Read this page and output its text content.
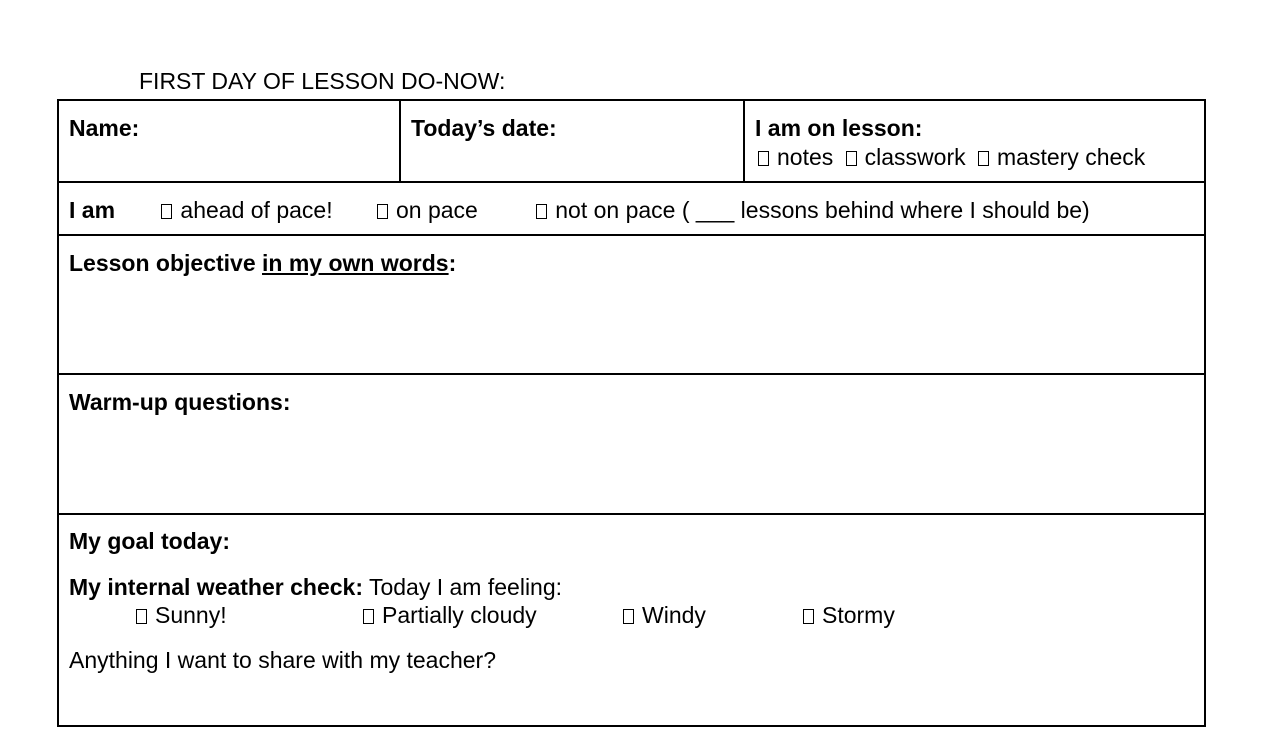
FIRST DAY OF LESSON DO-NOW:
Name:	Today’s date:	I am on lesson:
notes classwork mastery check

I am	ahead of pace!	on pace	not on pace ( ___ lessons behind where I should be)

Lesson objective in my own words:
Warm-up questions:

My goal today:
My internal weather check: Today I am feeling:
Sunny!	Partially cloudy	Windy	Stormy
Anything I want to share with my teacher?
